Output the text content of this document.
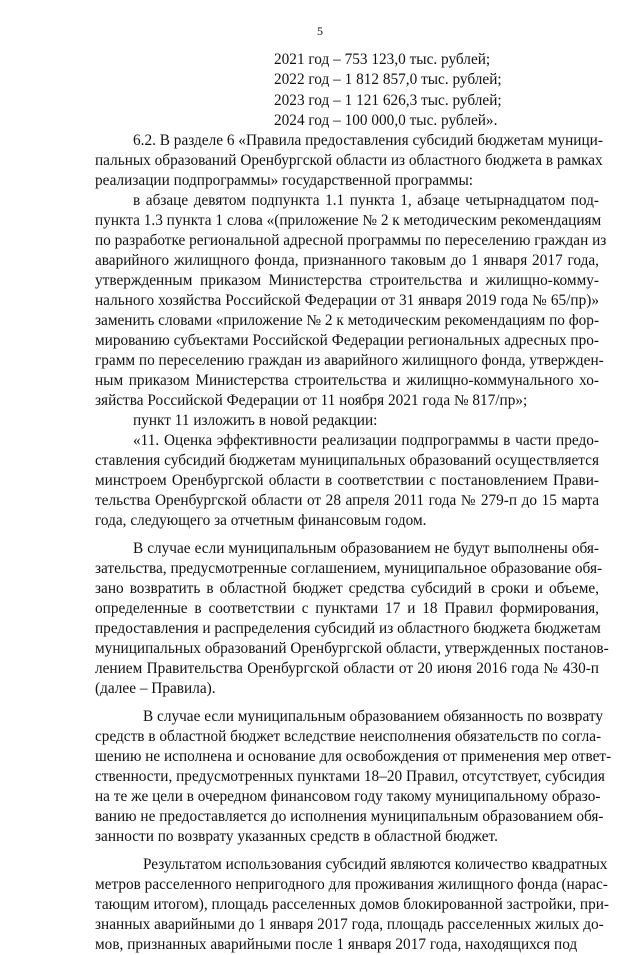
5
2021 год – 753 123,0 тыс. рублей;
2022 год – 1 812 857,0 тыс. рублей;
2023 год – 1 121 626,3 тыс. рублей;
2024 год – 100 000,0 тыс. рублей».
6.2. В разделе 6 «Правила предоставления субсидий бюджетам муници-
пальных образований Оренбургской области из областного бюджета в рамках
реализации подпрограммы» государственной программы:
в абзаце девятом подпункта 1.1 пункта 1, абзаце четырнадцатом под-
пункта 1.3 пункта 1 слова «(приложение № 2 к методическим рекомендациям
по разработке региональной адресной программы по переселению граждан из
аварийного жилищного фонда, признанного таковым до 1 января 2017 года,
утвержденным приказом Министерства строительства и жилищно-комму-
нального хозяйства Российской Федерации от 31 января 2019 года № 65/пр)»
заменить словами «приложение № 2 к методическим рекомендациям по фор-
мированию субъектами Российской Федерации региональных адресных про-
грамм по переселению граждан из аварийного жилищного фонда, утвержден-
ным приказом Министерства строительства и жилищно-коммунального хо-
зяйства Российской Федерации от 11 ноября 2021 года № 817/пр»;
пункт 11 изложить в новой редакции:
«11. Оценка эффективности реализации подпрограммы в части предо-
ставления субсидий бюджетам муниципальных образований осуществляется
минстроем Оренбургской области в соответствии с постановлением Прави-
тельства Оренбургской области от 28 апреля 2011 года № 279-п до 15 марта
года, следующего за отчетным финансовым годом.
В случае если муниципальным образованием не будут выполнены обя-
зательства, предусмотренные соглашением, муниципальное образование обя-
зано возвратить в областной бюджет средства субсидий в сроки и объеме,
определенные в соответствии с пунктами 17 и 18 Правил формирования,
предоставления и распределения субсидий из областного бюджета бюджетам
муниципальных образований Оренбургской области, утвержденных постанов-
лением Правительства Оренбургской области от 20 июня 2016 года № 430-п
(далее – Правила).
В случае если муниципальным образованием обязанность по возврату
средств в областной бюджет вследствие неисполнения обязательств по согла-
шению не исполнена и основание для освобождения от применения мер ответ-
ственности, предусмотренных пунктами 18–20 Правил, отсутствует, субсидия
на те же цели в очередном финансовом году такому муниципальному образо-
ванию не предоставляется до исполнения муниципальным образованием обя-
занности по возврату указанных средств в областной бюджет.
Результатом использования субсидий являются количество квадратных
метров расселенного непригодного для проживания жилищного фонда (нарас-
тающим итогом), площадь расселенных домов блокированной застройки, при-
знанных аварийными до 1 января 2017 года, площадь расселенных жилых до-
мов, признанных аварийными после 1 января 2017 года, находящихся под
